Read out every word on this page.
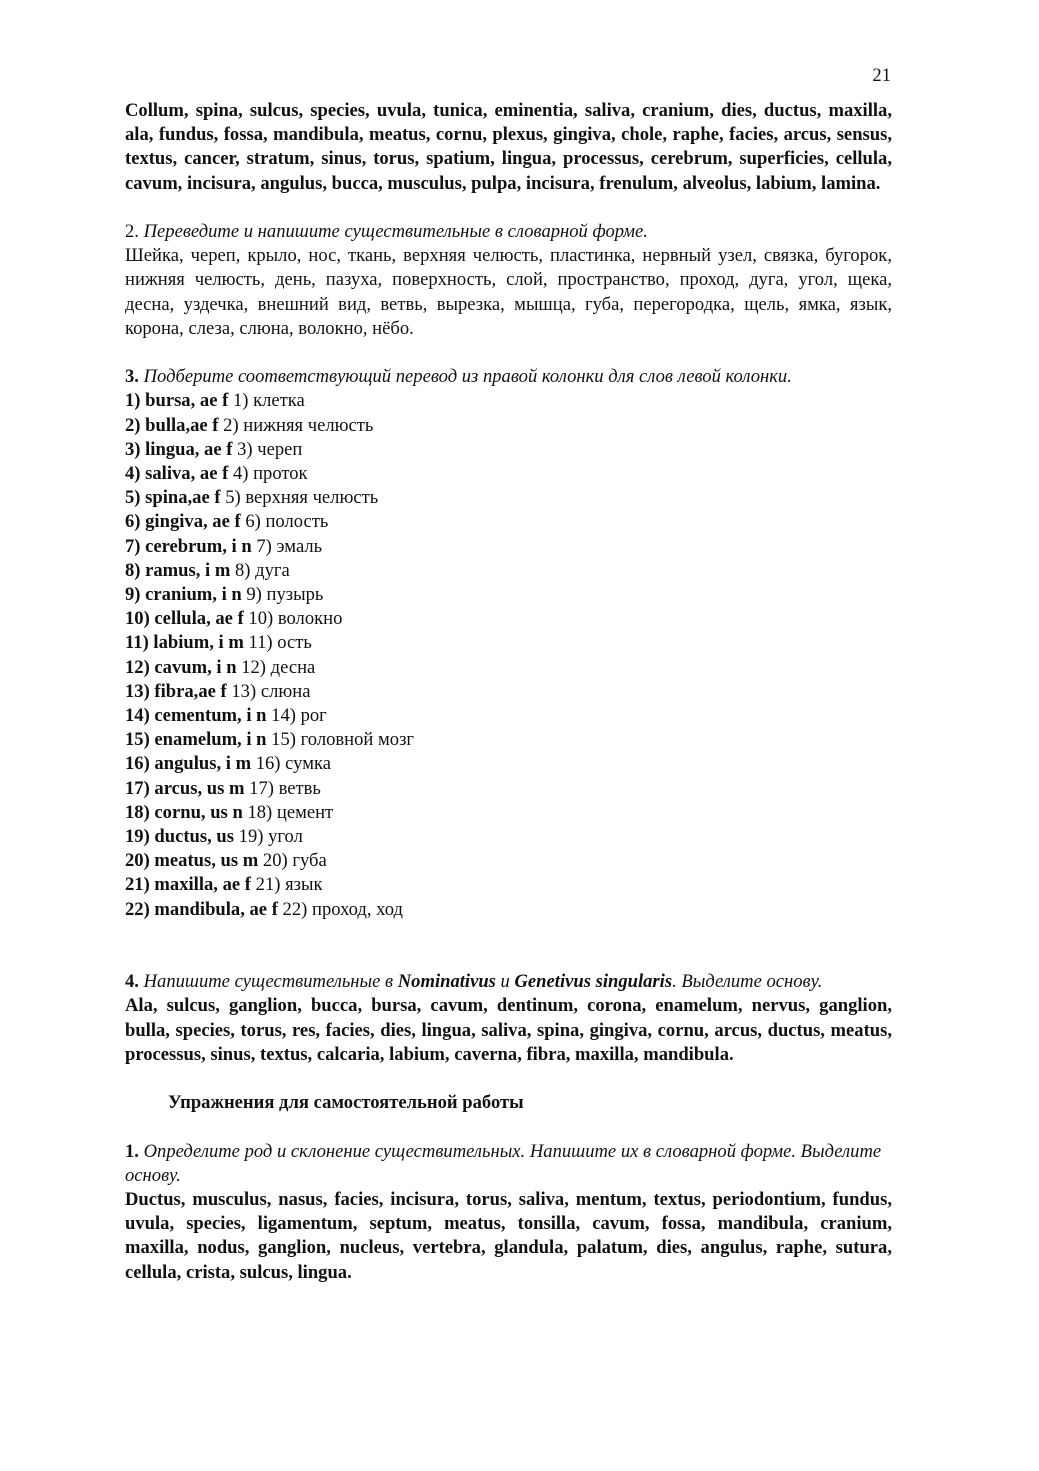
21

Collum, spina, sulcus, species, uvula, tunica, eminentia, saliva, cranium, dies, ductus, maxilla, ala, fundus, fossa, mandibula, meatus, cornu, plexus, gingiva, chole, raphe, facies, arcus, sensus, textus, cancer, stratum, sinus, torus, spatium, lingua, processus, cerebrum, superficies, cellula, cavum, incisura, angulus, bucca, musculus, pulpa, incisura, frenulum, alveolus, labium, lamina.

2. Переведите и напишите существительные в словарной форме.

Шейка, череп, крыло, нос, ткань, верхняя челюсть, пластинка, нервный узел, связка, бугорок, нижняя челюсть, день, пазуха, поверхность, слой, пространство, проход, дуга, угол, щека, десна, уздечка, внешний вид, ветвь, вырезка, мышца, губа, перегородка, щель, ямка, язык, корона, слеза, слюна, волокно, нёбо.

3. Подберите соответствующий перевод из правой колонки для слов левой колонки.

1) bursa, ae f 1) клетка
2) bulla,ae f 2) нижняя челюсть
3) lingua, ae f 3) череп
4) saliva, ae f 4) проток
5) spina,ae f 5) верхняя челюсть
6) gingiva, ae f 6) полость
7) cerebrum, i n 7) эмаль
8) ramus, i m 8) дуга
9) cranium, i n 9) пузырь
10) cellula, ae f 10) волокно
11) labium, i m 11) ость
12) cavum, i n 12) десна
13) fibra,ae f 13) слюна
14) cementum, i n 14) рог
15) enamelum, i n 15) головной мозг
16) angulus, i m 16) сумка
17) arcus, us m 17) ветвь
18) cornu, us n 18) цемент
19) ductus, us 19) угол
20) meatus, us m 20) губа
21) maxilla, ae f 21) язык
22) mandibula, ae f 22) проход, ход

4. Напишите существительные в Nominativus и Genetivus singularis. Выделите основу.

Ala, sulcus, ganglion, bucca, bursa, cavum, dentinum, corona, enamelum, nervus, ganglion, bulla, species, torus, res, facies, dies, lingua, saliva, spina, gingiva, cornu, arcus, ductus, meatus, processus, sinus, textus, calcaria, labium, caverna, fibra, maxilla, mandibula.

Упражнения для самостоятельной работы

1. Определите род и склонение существительных. Напишите их в словарной форме. Выделите основу.

Ductus, musculus, nasus, facies, incisura, torus, saliva, mentum, textus, periodontium, fundus, uvula, species, ligamentum, septum, meatus, tonsilla, cavum, fossa, mandibula, cranium, maxilla, nodus, ganglion, nucleus, vertebra, glandula, palatum, dies, angulus, raphe, sutura, cellula, crista, sulcus, lingua.
